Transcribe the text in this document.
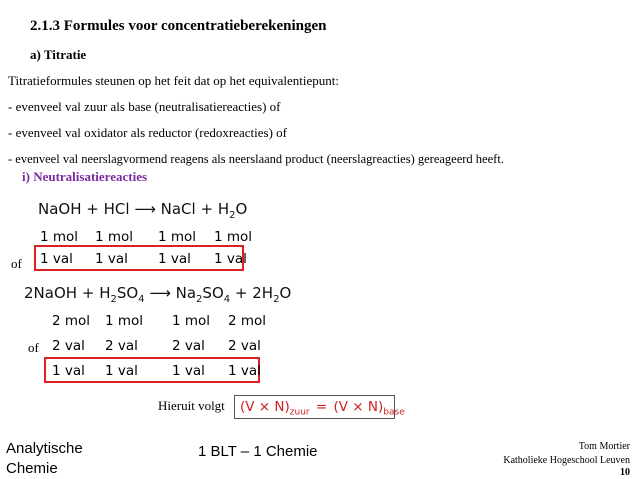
2.1.3 Formules voor concentratieberekeningen
a) Titratie
Titratieformules steunen op het feit dat op het equivalentiepunt:
- evenveel val zuur als base (neutralisatiereacties) of
- evenveel val oxidator als reductor (redoxreacties) of
- evenveel val neerslagvormend reagens als neerslaand product (neerslagreacties) gereageerd heeft.
i) Neutralisatiereacties
NaOH + HCl ⟶ NaCl + $H_2O$
1 mol 1 mol 1 mol 1 mol
of 1 val 1 val 1 val 1 val
2NaOH + $H_2SO_4$ ⟶ $Na_2SO_4 + 2H_2O$
2 mol 1 mol 1 mol 2 mol
of 2 val 2 val	2 val 2 val
1 val 1 val	1 val 1 val
Hieruit volgt $(V \times N)_{zuur} = (V \times N)_{base}$
Analytische
Chemie
1 BLT – 1 Chemie	Tom Mortier
Katholieke Hogeschool Leuven
10
